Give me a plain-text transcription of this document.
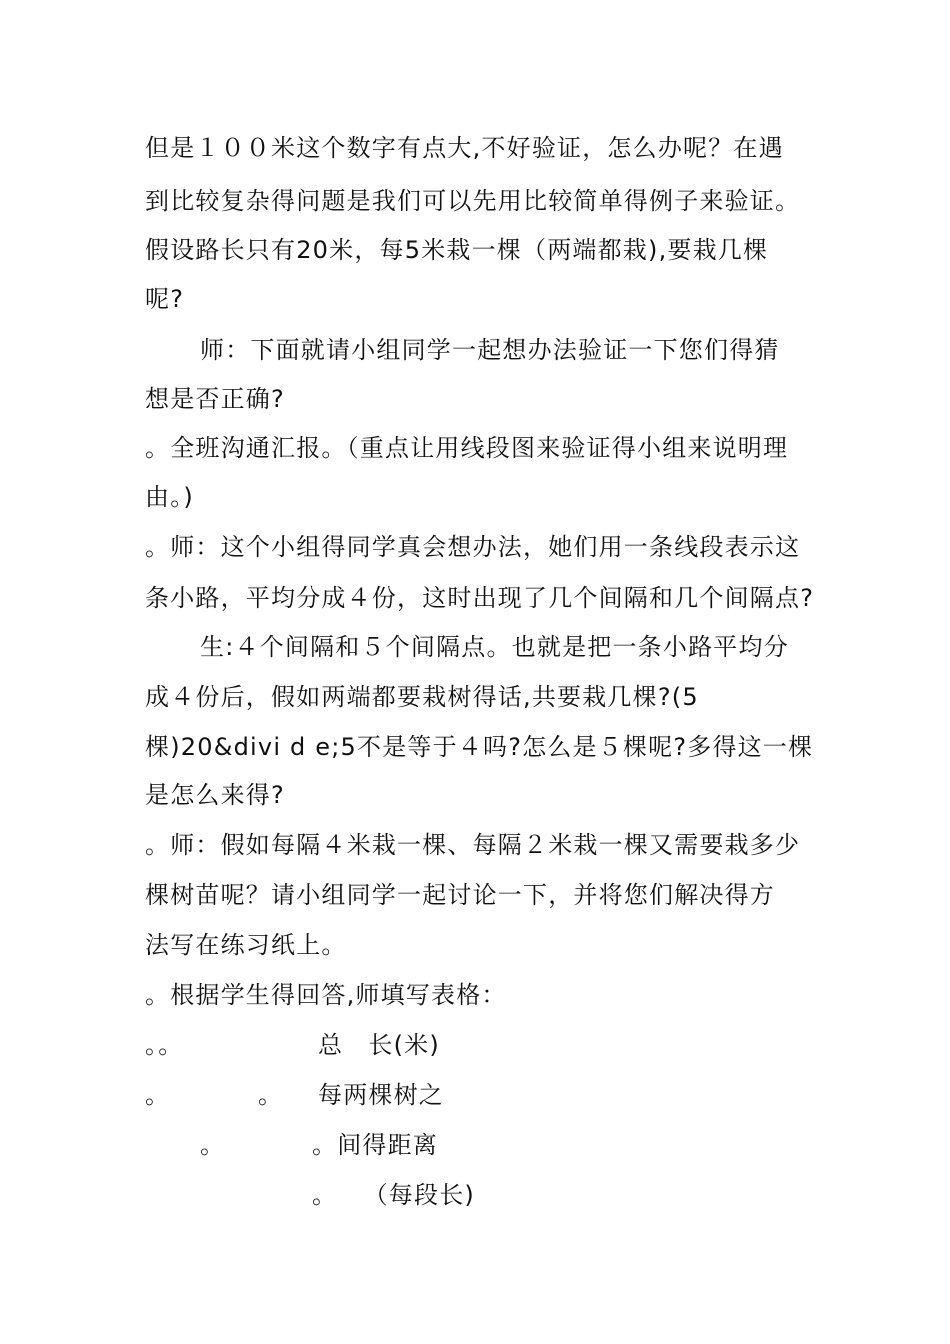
但是１００米这个数字有点大,不好验证，怎么办呢？在遇
到比较复杂得问题是我们可以先用比较简单得例子来验证。
假设路长只有20米，每5米栽一棵（两端都栽),要栽几棵
呢?
师：下面就请小组同学一起想办法验证一下您们得猜
想是否正确?
。全班沟通汇报。（重点让用线段图来验证得小组来说明理
由。)
。师：这个小组得同学真会想办法，她们用一条线段表示这
条小路，平均分成４份，这时出现了几个间隔和几个间隔点?
生:４个间隔和５个间隔点。也就是把一条小路平均分
成４份后，假如两端都要栽树得话,共要栽几棵?(5
棵)20&divi d e;5不是等于４吗?怎么是５棵呢?多得这一棵
是怎么来得?
。师：假如每隔４米栽一棵、每隔２米栽一棵又需要栽多少
棵树苗呢？请小组同学一起讨论一下，并将您们解决得方
法写在练习纸上。
。根据学生得回答,师填写表格：
。。	总　长(米)
。	。 每两棵树之
。	。间得距离
。　　（每段长)
